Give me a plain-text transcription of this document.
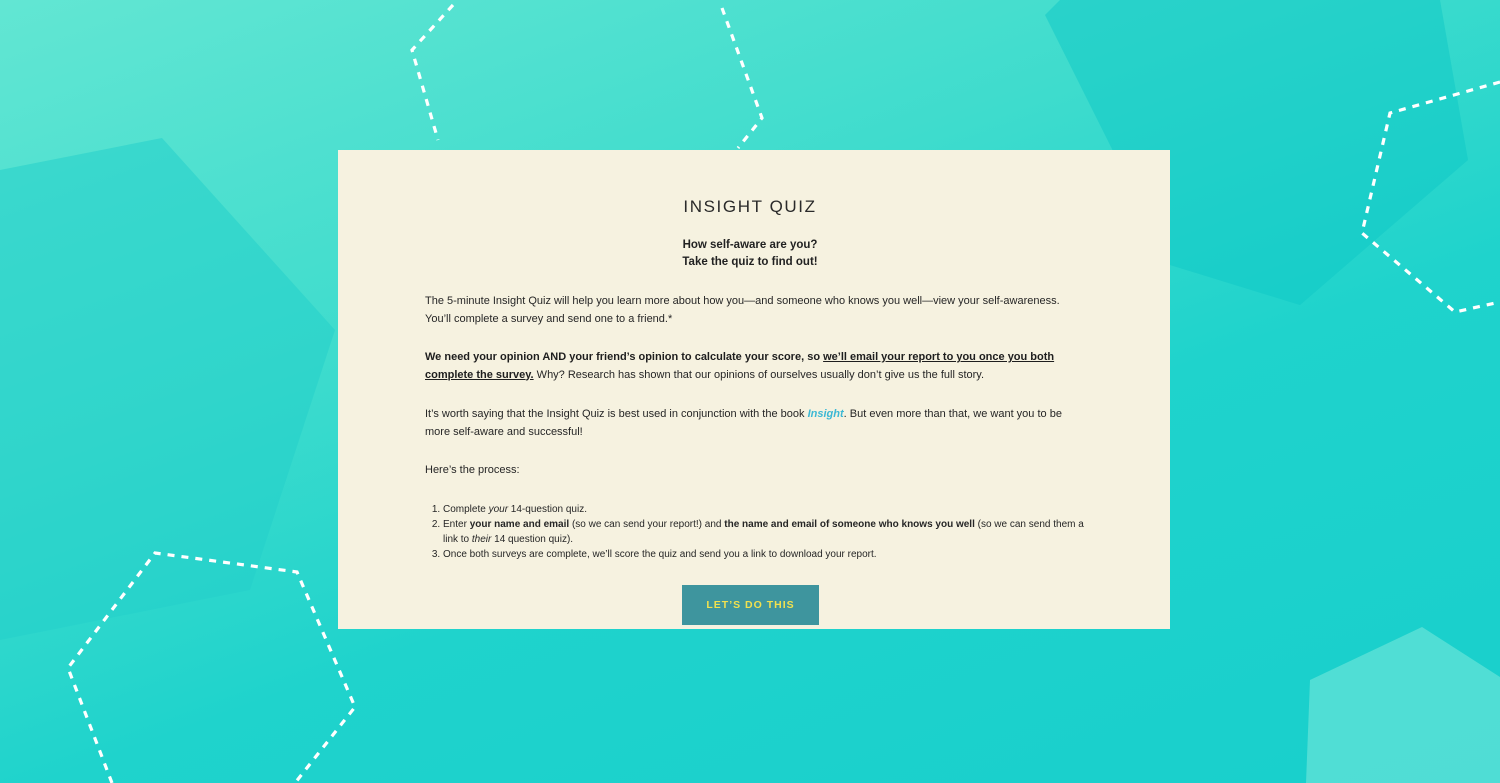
INSIGHT QUIZ
How self-aware are you?
Take the quiz to find out!

The 5-minute Insight Quiz will help you learn more about how you—and someone who knows you well—view your self-awareness. You’ll complete a survey and send one to a friend.*

We need your opinion AND your friend’s opinion to calculate your score, so we’ll email your report to you once you both complete the survey. Why? Research has shown that our opinions of ourselves usually don’t give us the full story.

It’s worth saying that the Insight Quiz is best used in conjunction with the book Insight. But even more than that, we want you to be more self-aware and successful!

Here’s the process:

1. Complete your 14-question quiz.
2. Enter your name and email (so we can send your report!) and the name and email of someone who knows you well (so we can send them a link to their 14 question quiz).
3. Once both surveys are complete, we’ll score the quiz and send you a link to download your report.
LET’S DO THIS
